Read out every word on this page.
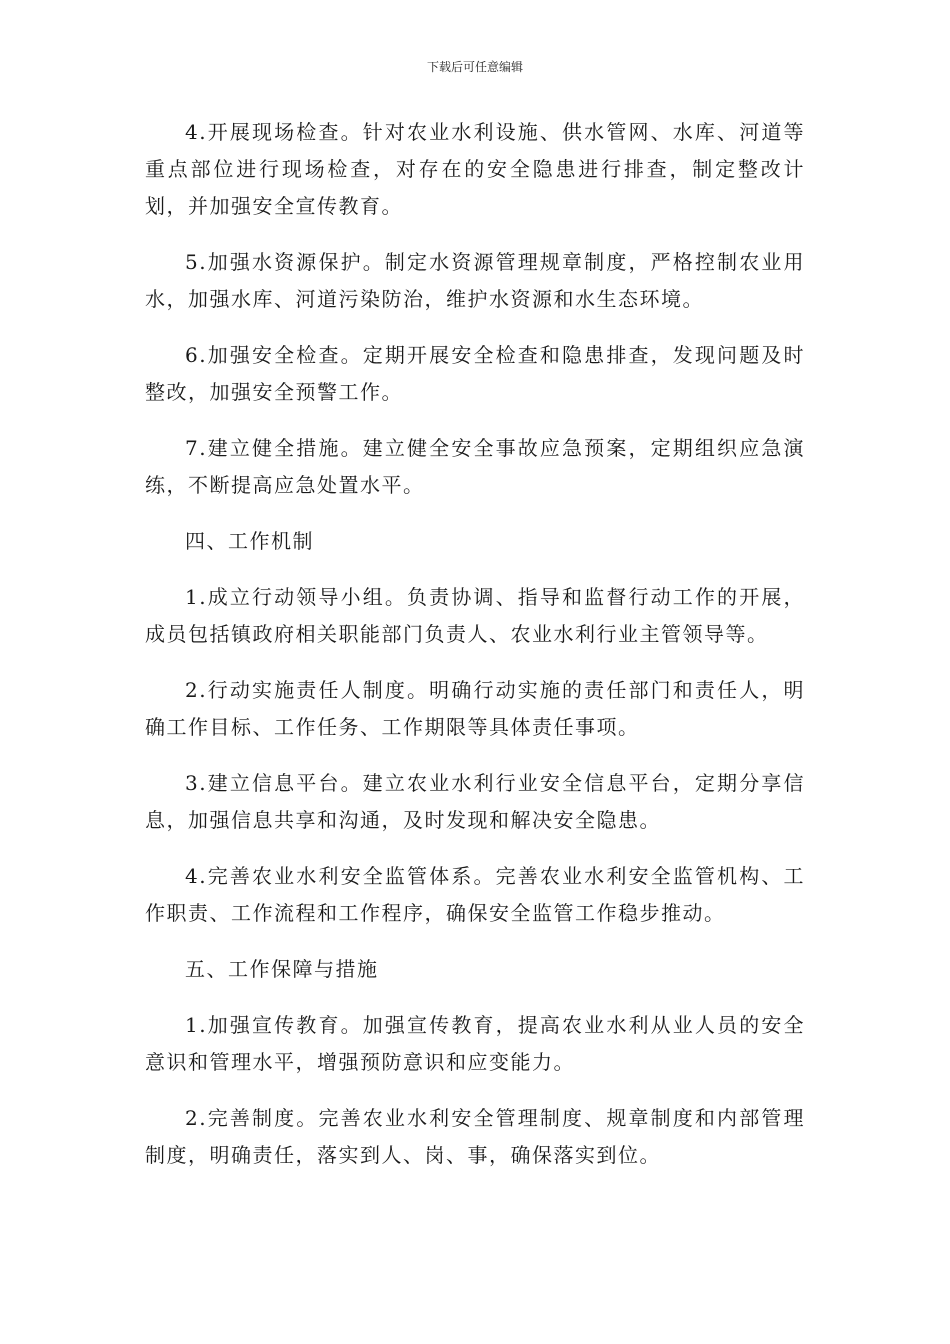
下载后可任意编辑

4.开展现场检查。针对农业水利设施、供水管网、水库、河道等重点部位进行现场检查，对存在的安全隐患进行排查，制定整改计划，并加强安全宣传教育。

5.加强水资源保护。制定水资源管理规章制度，严格控制农业用水，加强水库、河道污染防治，维护水资源和水生态环境。

6.加强安全检查。定期开展安全检查和隐患排查，发现问题及时整改，加强安全预警工作。

7.建立健全措施。建立健全安全事故应急预案，定期组织应急演练，不断提高应急处置水平。

四、工作机制

1.成立行动领导小组。负责协调、指导和监督行动工作的开展，成员包括镇政府相关职能部门负责人、农业水利行业主管领导等。

2.行动实施责任人制度。明确行动实施的责任部门和责任人，明确工作目标、工作任务、工作期限等具体责任事项。

3.建立信息平台。建立农业水利行业安全信息平台，定期分享信息，加强信息共享和沟通，及时发现和解决安全隐患。

4.完善农业水利安全监管体系。完善农业水利安全监管机构、工作职责、工作流程和工作程序，确保安全监管工作稳步推动。

五、工作保障与措施

1.加强宣传教育。加强宣传教育，提高农业水利从业人员的安全意识和管理水平，增强预防意识和应变能力。

2.完善制度。完善农业水利安全管理制度、规章制度和内部管理制度，明确责任，落实到人、岗、事，确保落实到位。
